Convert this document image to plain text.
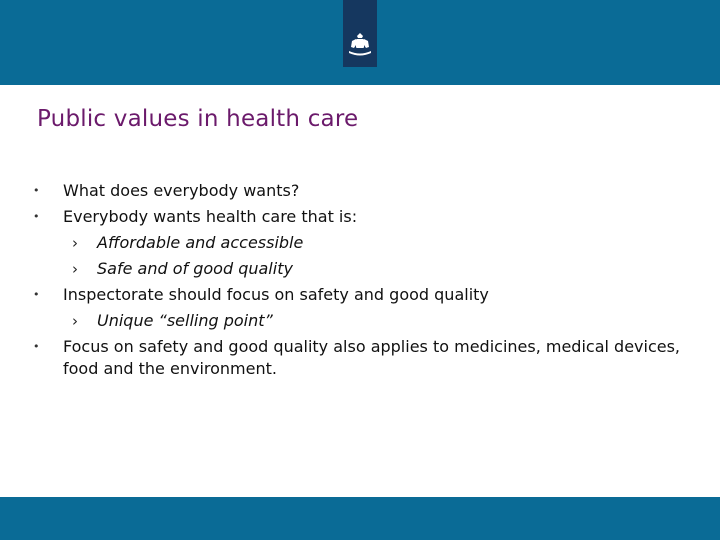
Public values in health care
• What does everybody wants?
• Everybody wants health care that is:
› Affordable and accessible
› Safe and of good quality
• Inspectorate should focus on safety and good quality
› Unique “selling point”
• Focus on safety and good quality also applies to medicines, medical devices, food and the environment.
